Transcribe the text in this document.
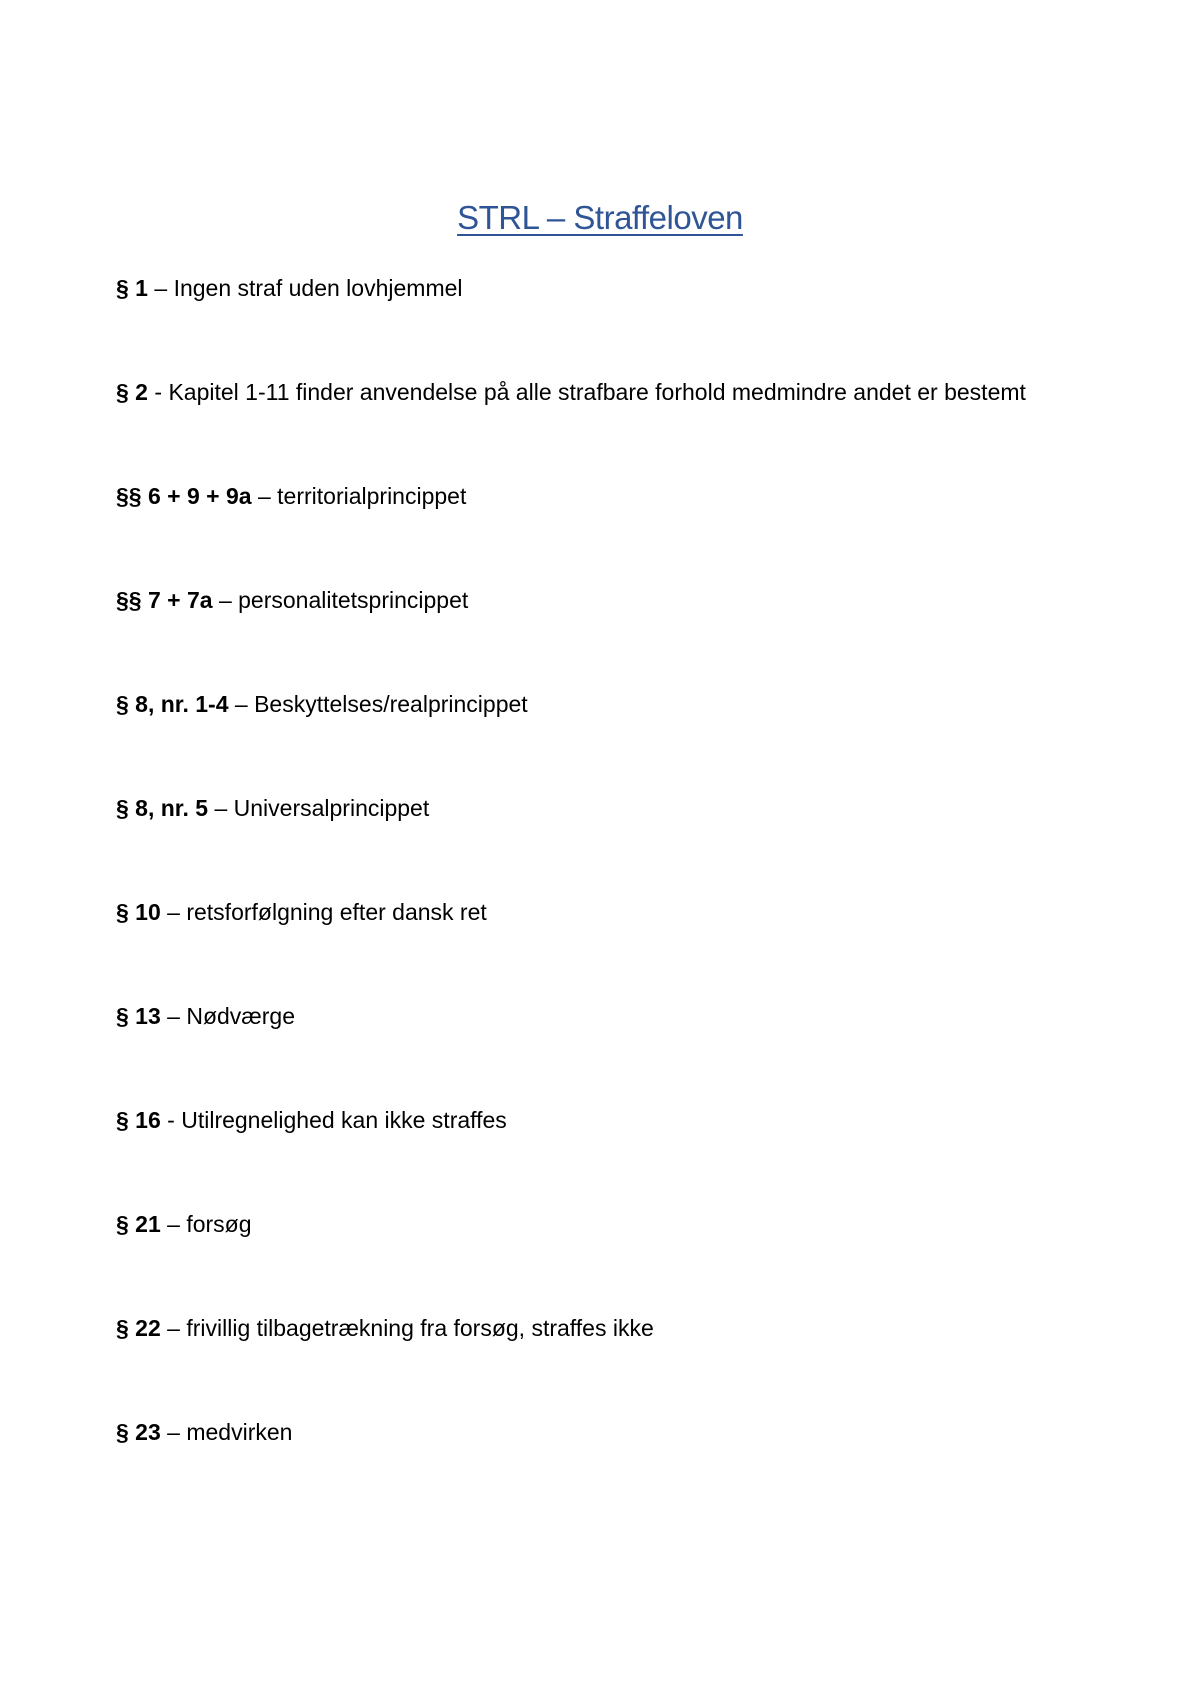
STRL – Straffeloven
§ 1 – Ingen straf uden lovhjemmel
§ 2 - Kapitel 1-11 finder anvendelse på alle strafbare forhold medmindre andet er bestemt
§§ 6 + 9 + 9a – territorialprincippet
§§ 7 + 7a – personalitetsprincippet
§ 8, nr. 1-4 – Beskyttelses/realprincippet
§ 8, nr. 5 – Universalprincippet
§ 10 – retsforfølgning efter dansk ret
§ 13 – Nødværge
§ 16 - Utilregnelighed kan ikke straffes
§ 21 – forsøg
§ 22 – frivillig tilbagetrækning fra forsøg, straffes ikke
§ 23 – medvirken
